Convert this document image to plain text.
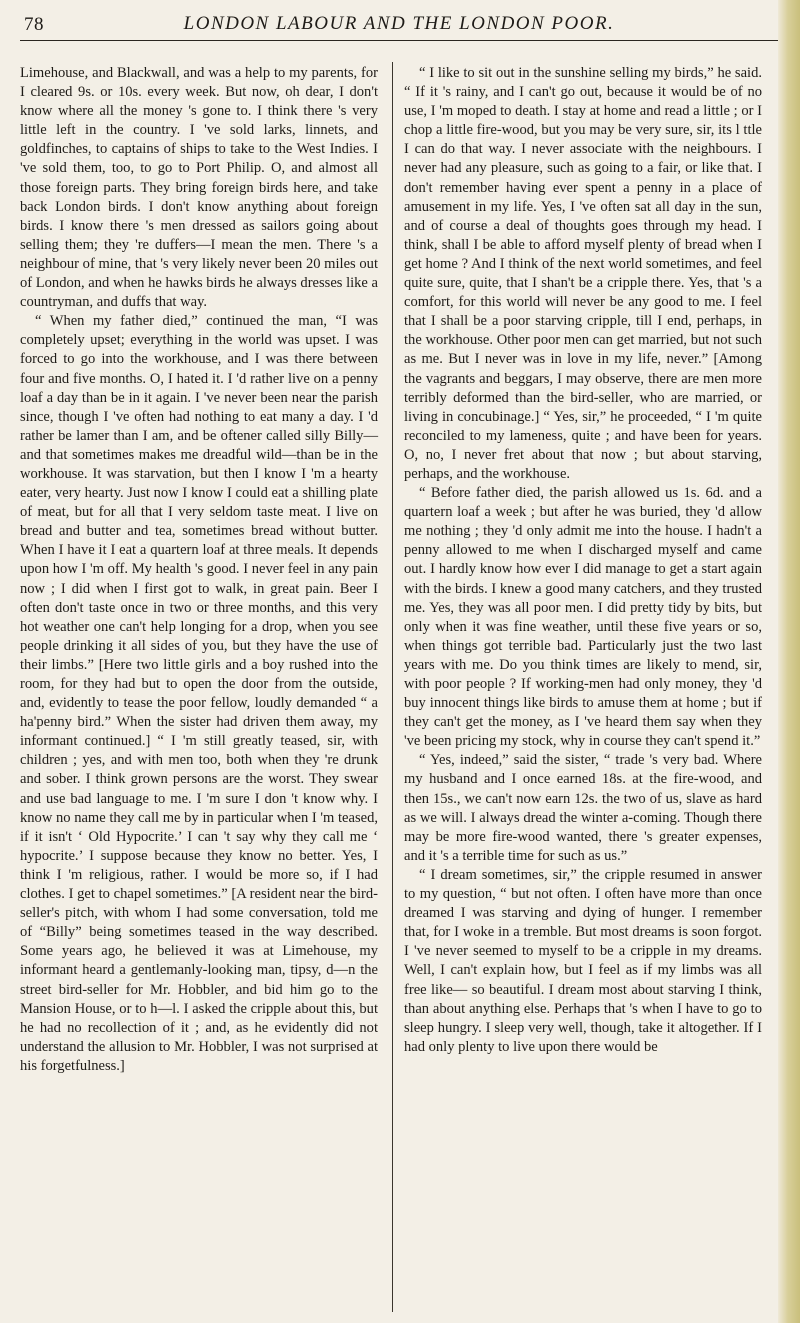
78	LONDON LABOUR AND THE LONDON POOR.

Limehouse, and Blackwall, and was a help to my parents, for I cleared 9s. or 10s. every week. But now, oh dear, I don't know where all the money 's gone to. I think there 's very little left in the country. I 've sold larks, linnets, and goldfinches, to captains of ships to take to the West Indies. I 've sold them, too, to go to Port Philip. O, and almost all those foreign parts. They bring foreign birds here, and take back London birds. I don't know anything about foreign birds. I know there 's men dressed as sailors going about selling them; they 're duffers—I mean the men. There 's a neighbour of mine, that 's very likely never been 20 miles out of London, and when he hawks birds he always dresses like a countryman, and duffs that way.

“ When my father died,” continued the man, “I was completely upset; everything in the world was upset. I was forced to go into the workhouse, and I was there between four and five months. O, I hated it. I 'd rather live on a penny loaf a day than be in it again. I 've never been near the parish since, though I 've often had nothing to eat many a day. I 'd rather be lamer than I am, and be oftener called silly Billy—and that sometimes makes me dreadful wild—than be in the workhouse. It was starvation, but then I know I 'm a hearty eater, very hearty. Just now I know I could eat a shilling plate of meat, but for all that I very seldom taste meat. I live on bread and butter and tea, sometimes bread without butter. When I have it I eat a quartern loaf at three meals. It depends upon how I 'm off. My health 's good. I never feel in any pain now ; I did when I first got to walk, in great pain. Beer I often don't taste once in two or three months, and this very hot weather one can't help longing for a drop, when you see people drinking it all sides of you, but they have the use of their limbs.” [Here two little girls and a boy rushed into the room, for they had but to open the door from the outside, and, evidently to tease the poor fellow, loudly demanded “ a ha'penny bird.” When the sister had driven them away, my informant continued.] “ I 'm still greatly teased, sir, with children ; yes, and with men too, both when they 're drunk and sober. I think grown persons are the worst. They swear and use bad language to me. I 'm sure I don 't know why. I know no name they call me by in particular when I 'm teased, if it isn't ‘ Old Hypocrite.’ I can 't say why they call me ‘ hypocrite.’ I suppose because they know no better. Yes, I think I 'm religious, rather. I would be more so, if I had clothes. I get to chapel sometimes.” [A resident near the bird-seller's pitch, with whom I had some conversation, told me of “Billy” being sometimes teased in the way described. Some years ago, he believed it was at Limehouse, my informant heard a gentlemanly-looking man, tipsy, d—n the street bird-seller for Mr. Hobbler, and bid him go to the Mansion House, or to h—l. I asked the cripple about this, but he had no recollection of it ; and, as he evidently did not understand the allusion to Mr. Hobbler, I was not surprised at his forgetfulness.]

“ I like to sit out in the sunshine selling my birds,” he said. “ If it 's rainy, and I can't go out, because it would be of no use, I 'm moped to death. I stay at home and read a little ; or I chop a little fire-wood, but you may be very sure, sir, its l ttle I can do that way. I never associate with the neighbours. I never had any pleasure, such as going to a fair, or like that. I don't remember having ever spent a penny in a place of amusement in my life. Yes, I 've often sat all day in the sun, and of course a deal of thoughts goes through my head. I think, shall I be able to afford myself plenty of bread when I get home ? And I think of the next world sometimes, and feel quite sure, quite, that I shan't be a cripple there. Yes, that 's a comfort, for this world will never be any good to me. I feel that I shall be a poor starving cripple, till I end, perhaps, in the workhouse. Other poor men can get married, but not such as me. But I never was in love in my life, never.” [Among the vagrants and beggars, I may observe, there are men more terribly deformed than the bird-seller, who are married, or living in concubinage.] “ Yes, sir,” he proceeded, “ I 'm quite reconciled to my lameness, quite ; and have been for years. O, no, I never fret about that now ; but about starving, perhaps, and the workhouse.

“ Before father died, the parish allowed us 1s. 6d. and a quartern loaf a week ; but after he was buried, they 'd allow me nothing ; they 'd only admit me into the house. I hadn't a penny allowed to me when I discharged myself and came out. I hardly know how ever I did manage to get a start again with the birds. I knew a good many catchers, and they trusted me. Yes, they was all poor men. I did pretty tidy by bits, but only when it was fine weather, until these five years or so, when things got terrible bad. Particularly just the two last years with me. Do you think times are likely to mend, sir, with poor people ? If working-men had only money, they 'd buy innocent things like birds to amuse them at home ; but if they can't get the money, as I 've heard them say when they 've been pricing my stock, why in course they can't spend it.”

“ Yes, indeed,” said the sister, “ trade 's very bad. Where my husband and I once earned 18s. at the fire-wood, and then 15s., we can't now earn 12s. the two of us, slave as hard as we will. I always dread the winter a-coming. Though there may be more fire-wood wanted, there 's greater expenses, and it 's a terrible time for such as us.”

“ I dream sometimes, sir,” the cripple resumed in answer to my question, “ but not often. I often have more than once dreamed I was starving and dying of hunger. I remember that, for I woke in a tremble. But most dreams is soon forgot. I 've never seemed to myself to be a cripple in my dreams. Well, I can't explain how, but I feel as if my limbs was all free like— so beautiful. I dream most about starving I think, than about anything else. Perhaps that 's when I have to go to sleep hungry. I sleep very well, though, take it altogether. If I had only plenty to live upon there would be
